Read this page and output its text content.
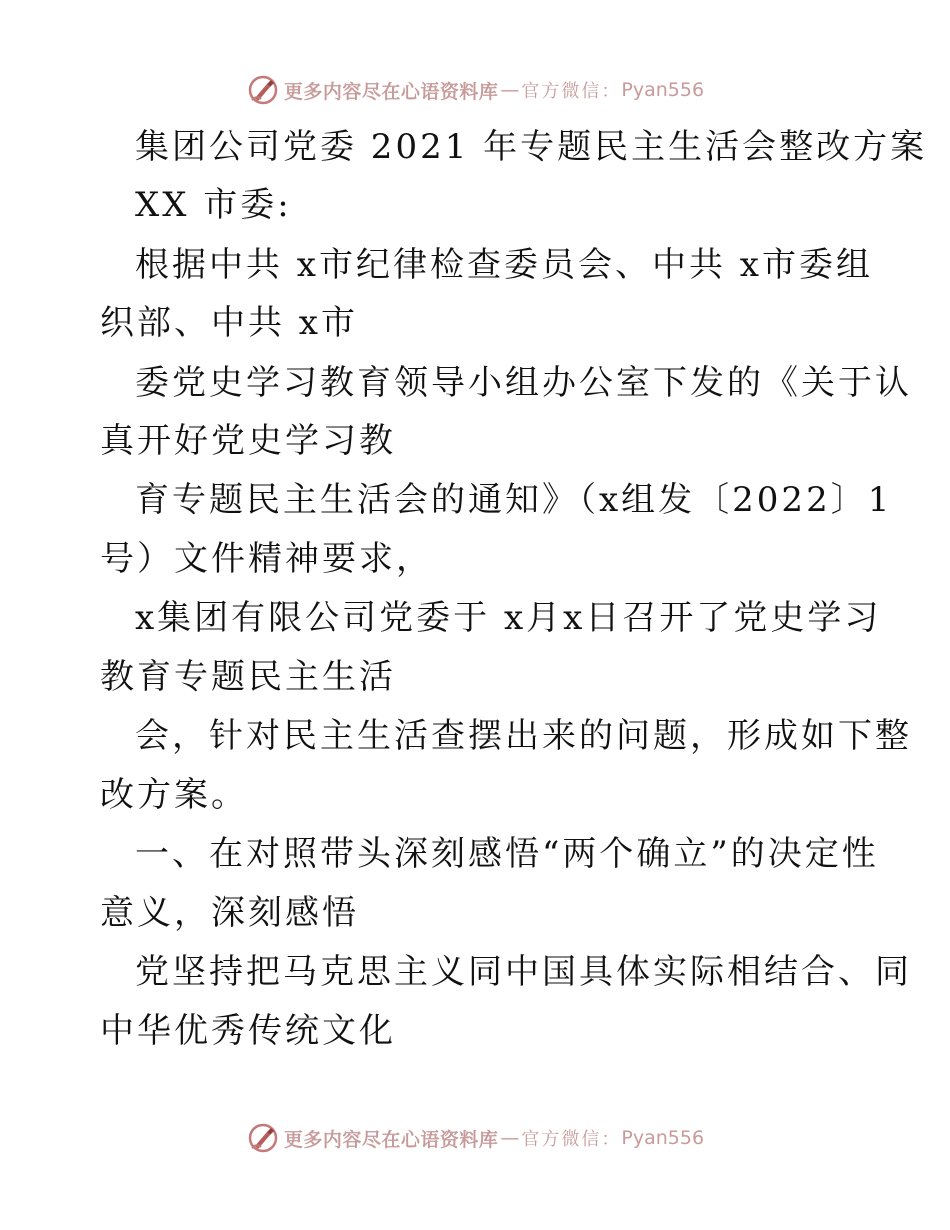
更多内容尽在心语资料库 — 官方微信： Pyan556
集团公司党委 2021 年专题民主生活会整改方案
XX 市委:
根据中共 x市纪律检查委员会、中共 x市委组
织部、中共 x市
委党史学习教育领导小组办公室下发的《关于认
真开好党史学习教
育专题民主生活会的通知》（x组发〔2022〕1
号）文件精神要求，
x集团有限公司党委于 x月x日召开了党史学习
教育专题民主生活
会，针对民主生活查摆出来的问题，形成如下整
改方案。
一、在对照带头深刻感悟“两个确立”的决定性
意义，深刻感悟
党坚持把马克思主义同中国具体实际相结合、同
中华优秀传统文化
更多内容尽在心语资料库 — 官方微信： Pyan556
